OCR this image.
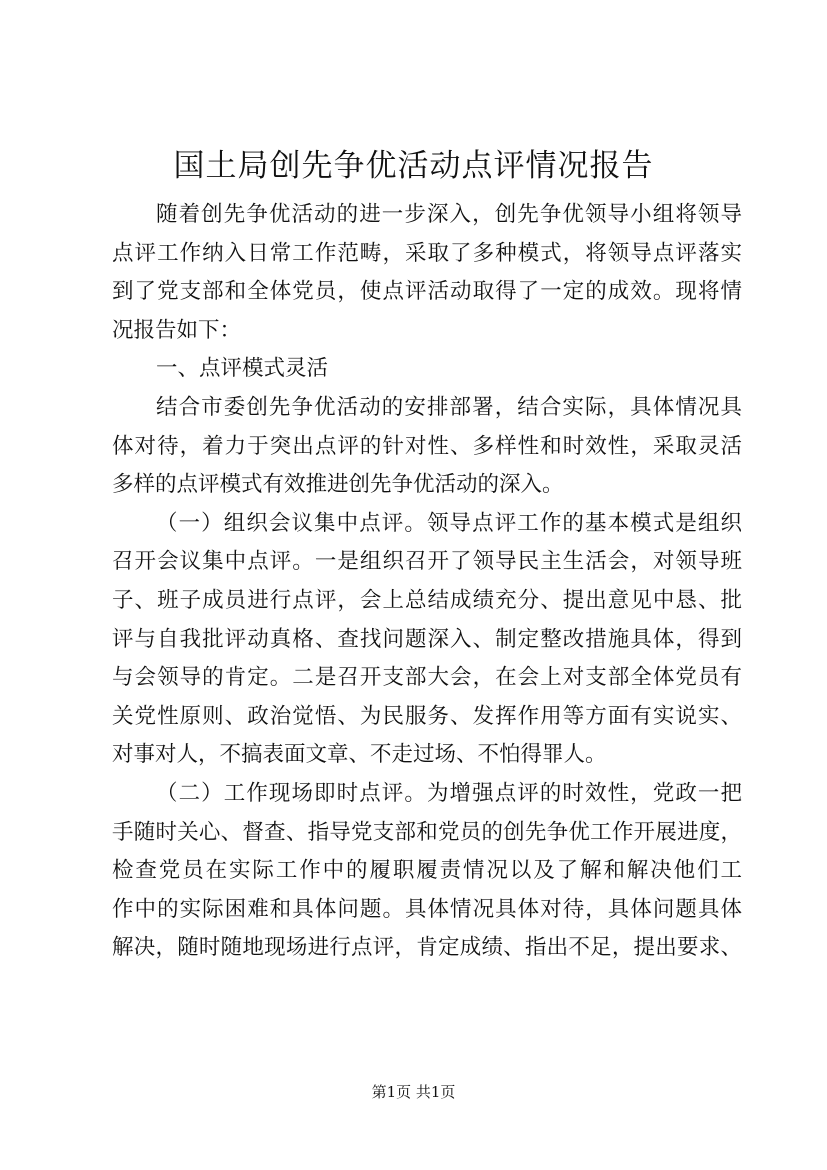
国土局创先争优活动点评情况报告
随着创先争优活动的进一步深入，创先争优领导小组将领导
点评工作纳入日常工作范畴，采取了多种模式，将领导点评落实
到了党支部和全体党员，使点评活动取得了一定的成效。现将情
况报告如下：
一、点评模式灵活
结合市委创先争优活动的安排部署，结合实际，具体情况具
体对待，着力于突出点评的针对性、多样性和时效性，采取灵活
多样的点评模式有效推进创先争优活动的深入。
（一）组织会议集中点评。领导点评工作的基本模式是组织
召开会议集中点评。一是组织召开了领导民主生活会，对领导班
子、班子成员进行点评，会上总结成绩充分、提出意见中恳、批
评与自我批评动真格、查找问题深入、制定整改措施具体，得到
与会领导的肯定。二是召开支部大会，在会上对支部全体党员有
关党性原则、政治觉悟、为民服务、发挥作用等方面有实说实、
对事对人，不搞表面文章、不走过场、不怕得罪人。
（二）工作现场即时点评。为增强点评的时效性，党政一把
手随时关心、督查、指导党支部和党员的创先争优工作开展进度，
检查党员在实际工作中的履职履责情况以及了解和解决他们工
作中的实际困难和具体问题。具体情况具体对待，具体问题具体
解决，随时随地现场进行点评，肯定成绩、指出不足，提出要求、
第1页 共1页
